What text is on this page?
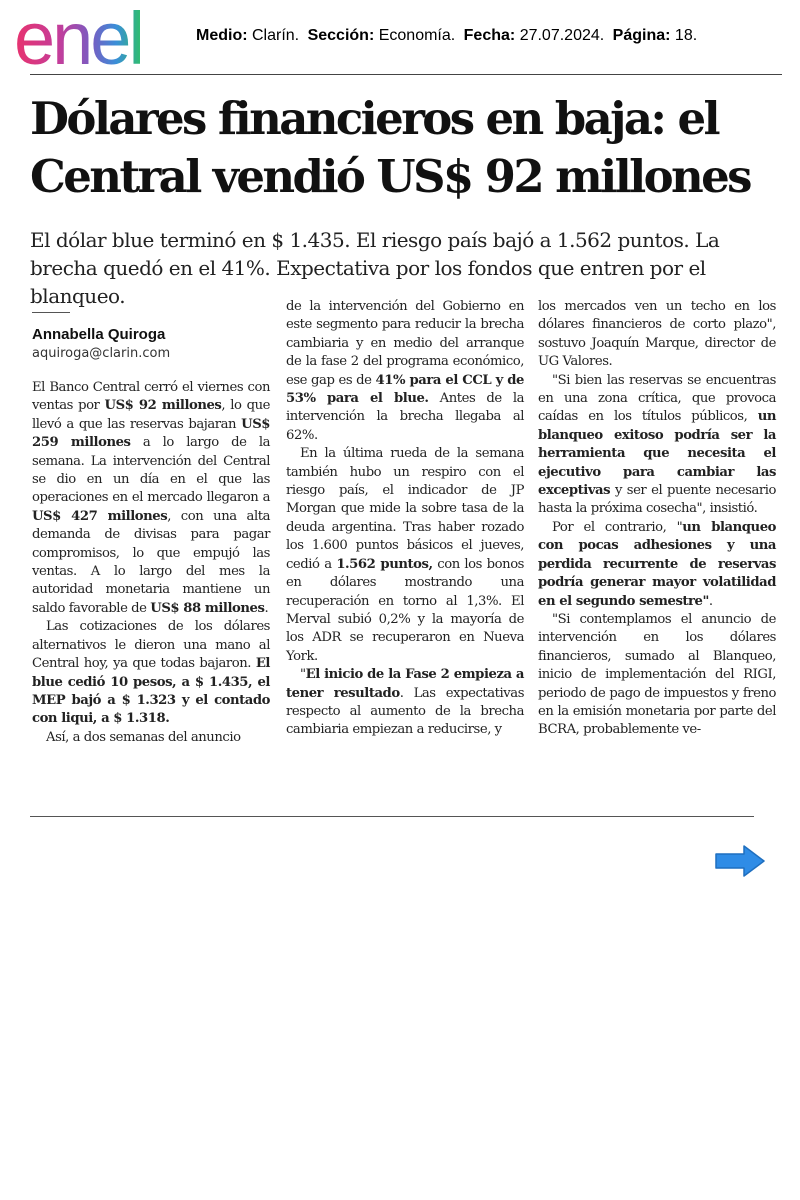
enel	Medio: Clarín. Sección: Economía. Fecha: 27.07.2024. Página: 18.
Dólares financieros en baja: el Central vendió US$ 92 millones

El dólar blue terminó en $ 1.435. El riesgo país bajó a 1.562 puntos. La brecha quedó en el 41%. Expectativa por los fondos que entren por el blanqueo.

Annabella Quiroga
aquiroga@clarin.com

El Banco Central cerró el viernes con ventas por US$ 92 millones, lo que llevó a que las reservas bajaran US$ 259 millones a lo largo de la semana. La intervención del Central se dio en un día en el que las operaciones en el mercado llegaron a US$ 427 millones, con una alta demanda de divisas para pagar compromisos, lo que empujó las ventas. A lo largo del mes la autoridad monetaria mantiene un saldo favorable de US$ 88 millones.

Las cotizaciones de los dólares alternativos le dieron una mano al Central hoy, ya que todas bajaron. El blue cedió 10 pesos, a $ 1.435, el MEP bajó a $ 1.323 y el contado con liqui, a $ 1.318.

Así, a dos semanas del anuncio

de la intervención del Gobierno en este segmento para reducir la brecha cambiaria y en medio del arranque de la fase 2 del programa económico, ese gap es de 41% para el CCL y de 53% para el blue. Antes de la intervención la brecha llegaba al 62%.

En la última rueda de la semana también hubo un respiro con el riesgo país, el indicador de JP Morgan que mide la sobre tasa de la deuda argentina. Tras haber rozado los 1.600 puntos básicos el jueves, cedió a 1.562 puntos, con los bonos en dólares mostrando una recuperación en torno al 1,3%. El Merval subió 0,2% y la mayoría de los ADR se recuperaron en Nueva York.

"El inicio de la Fase 2 empieza a tener resultado. Las expectativas respecto al aumento de la brecha cambiaria empiezan a reducirse, y

los mercados ven un techo en los dólares financieros de corto plazo", sostuvo Joaquín Marque, director de UG Valores.

"Si bien las reservas se encuentras en una zona crítica, que provoca caídas en los títulos públicos, un blanqueo exitoso podría ser la herramienta que necesita el ejecutivo para cambiar las exceptivas y ser el puente necesario hasta la próxima cosecha", insistió.

Por el contrario, "un blanqueo con pocas adhesiones y una perdida recurrente de reservas podría generar mayor volatilidad en el segundo semestre".

"Si contemplamos el anuncio de intervención en los dólares financieros, sumado al Blanqueo, inicio de implementación del RIGI, periodo de pago de impuestos y freno en la emisión monetaria por parte del BCRA, probablemente ve-
